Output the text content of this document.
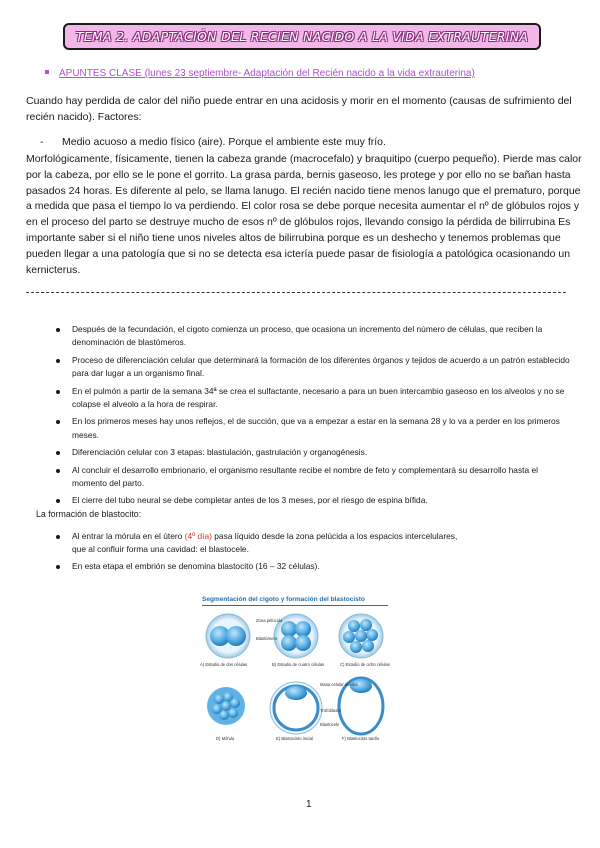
TEMA 2. ADAPTACIÓN DEL RECIEN NACIDO A LA VIDA EXTRAUTERINA
APUNTES CLASE (lunes 23 septiembre- Adaptación del Recién nacido a la vida extrauterina)
Cuando hay perdida de calor del niño puede entrar en una acidosis y morir en el momento (causas de sufrimiento del recién nacido). Factores:
- Medio acuoso a medio físico (aire). Porque el ambiente este muy frío.
Morfológicamente, físicamente, tienen la cabeza grande (macrocefalo) y braquitipo (cuerpo pequeño). Pierde mas calor por la cabeza, por ello se le pone el gorrito. La grasa parda, bernis gaseoso, les protege y por ello no se bañan hasta pasados 24 horas. Es diferente al pelo, se llama lanugo. El recién nacido tiene menos lanugo que el prematuro, porque a medida que pasa el tiempo lo va perdiendo. El color rosa se debe porque necesita aumentar el nº de glóbulos rojos y en el proceso del parto se destruye mucho de esos nº de glóbulos rojos, llevando consigo la pérdida de bilirrubina Es importante saber si el niño tiene unos niveles altos de bilirrubina porque es un deshecho y tenemos problemas que pueden llegar a una patología que si no se detecta esa ictería puede pasar de fisiología a patológica ocasionando un kernicterus.
Después de la fecundación, el cigoto comienza un proceso, que ocasiona un incremento del número de células, que reciben la denominación de blastómeros.
Proceso de diferenciación celular que determinará la formación de los diferentes órganos y tejidos de acuerdo a un patrón establecido para dar lugar a un organismo final.
En el pulmón a partir de la semana 34ª se crea el sulfactante, necesario a para un buen intercambio gaseoso en los alveolos y no se colapse el alveolo a la hora de respirar.
En los primeros meses hay unos reflejos, el de succión, que va a empezar a estar en la semana 28 y lo va a perder en los primeros meses.
Diferenciación celular con 3 etapas: blastulación, gastrulación y organogénesis.
Al concluir el desarrollo embrionario, el organismo resultante recibe el nombre de feto y complementará su desarrollo hasta el momento del parto.
El cierre del tubo neural se debe completar antes de los 3 meses, por el riesgo de espina bífida.
La formación de blastocito:
Al entrar la mórula en el útero (4º día) pasa líquido desde la zona pelúcida a los espacios intercelulares, que al confluir forma una cavidad: el blastocele.
En esta etapa el embrión se denomina blastocito (16 – 32 células).
Segmentación del cigoto y formación del blastocisto
A) Estadio de dos células	B) Estadio de cuatro células	C) Estadio de ocho células
D) Mórula	E) Blastocisto inicial	F) Blastocisto tardío
Zona pelúcida
Blastómero
Masa celular interna
Trofoblasto
Blastocele
1
